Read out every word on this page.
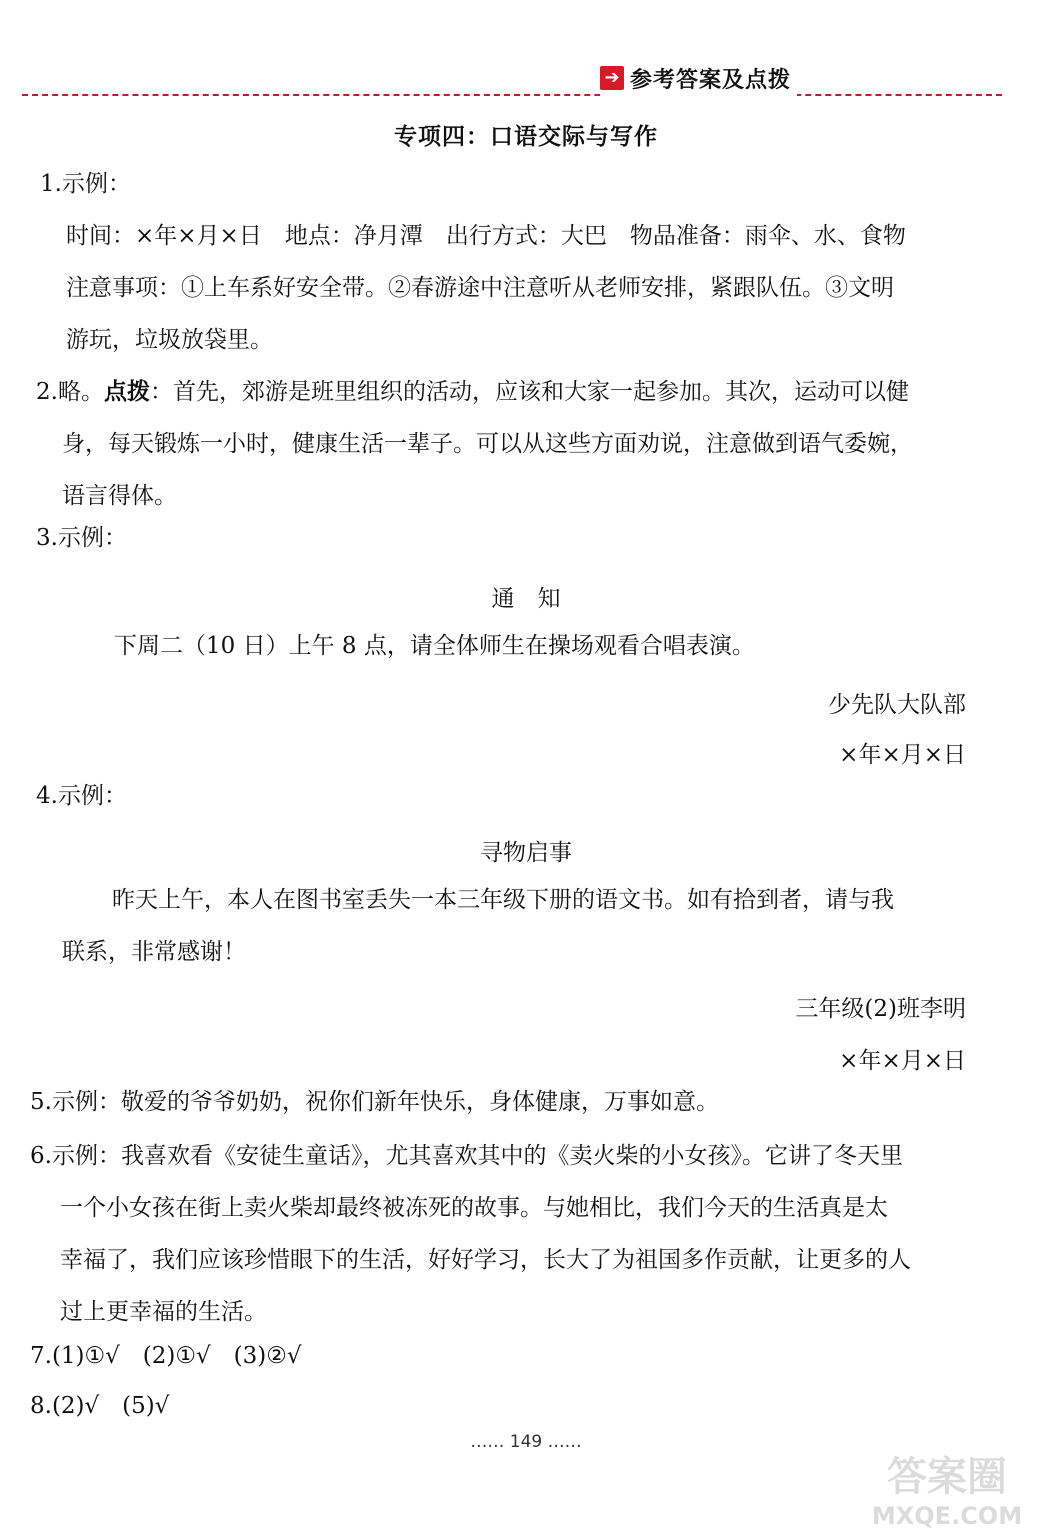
➔ 参考答案及点拨
专项四：口语交际与写作
1.示例：
时间：×年×月×日　地点：净月潭　出行方式：大巴　物品准备：雨伞、水、食物
注意事项：①上车系好安全带。②春游途中注意听从老师安排，紧跟队伍。③文明
游玩，垃圾放袋里。
2.略。点拨：首先，郊游是班里组织的活动，应该和大家一起参加。其次，运动可以健
身，每天锻炼一小时，健康生活一辈子。可以从这些方面劝说，注意做到语气委婉，
语言得体。
3.示例：
通　知
下周二（10 日）上午 8 点，请全体师生在操场观看合唱表演。
少先队大队部
×年×月×日
4.示例：
寻物启事
昨天上午，本人在图书室丢失一本三年级下册的语文书。如有拾到者，请与我
联系，非常感谢！
三年级(2)班李明
×年×月×日
5.示例：敬爱的爷爷奶奶，祝你们新年快乐，身体健康，万事如意。
6.示例：我喜欢看《安徒生童话》，尤其喜欢其中的《卖火柴的小女孩》。它讲了冬天里
一个小女孩在街上卖火柴却最终被冻死的故事。与她相比，我们今天的生活真是太
幸福了，我们应该珍惜眼下的生活，好好学习，长大了为祖国多作贡献，让更多的人
过上更幸福的生活。
7.(1)①√　(2)①√　(3)②√
8.(2)√　(5)√
…… 149 ……
答案圈
MXQE.COM
